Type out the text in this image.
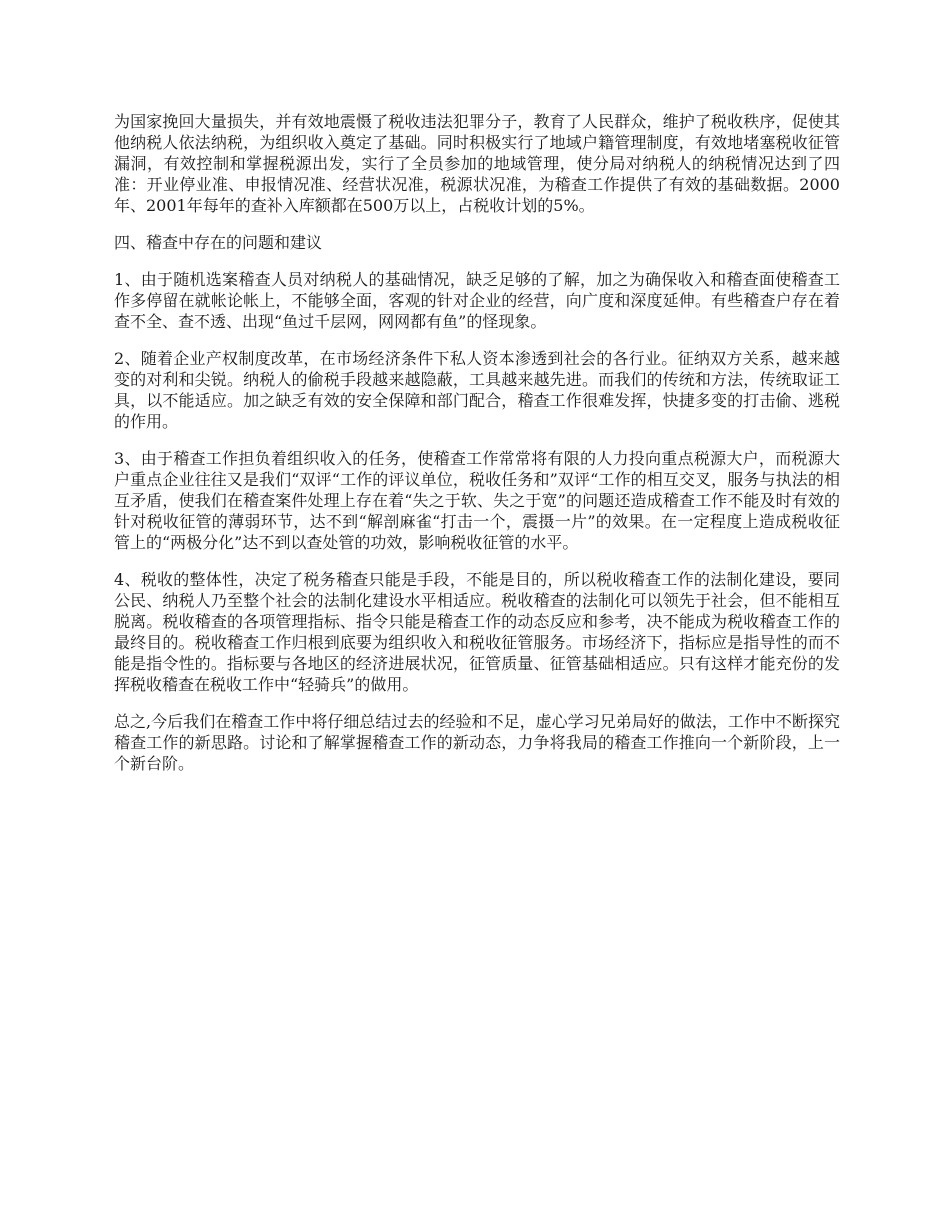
为国家挽回大量损失，并有效地震慑了税收违法犯罪分子，教育了人民群众，维护了税收秩序，促使其他纳税人依法纳税，为组织收入奠定了基础。同时积极实行了地域户籍管理制度，有效地堵塞税收征管漏洞，有效控制和掌握税源出发，实行了全员参加的地域管理，使分局对纳税人的纳税情况达到了四准：开业停业准、申报情况准、经营状况准，税源状况准，为稽查工作提供了有效的基础数据。2000年、2001年每年的查补入库额都在500万以上，占税收计划的5%。

四、稽查中存在的问题和建议

1、由于随机选案稽查人员对纳税人的基础情况，缺乏足够的了解，加之为确保收入和稽查面使稽查工作多停留在就帐论帐上，不能够全面，客观的针对企业的经营，向广度和深度延伸。有些稽查户存在着查不全、查不透、出现“鱼过千层网，网网都有鱼”的怪现象。

2、随着企业产权制度改革，在市场经济条件下私人资本渗透到社会的各行业。征纳双方关系，越来越变的对利和尖锐。纳税人的偷税手段越来越隐蔽，工具越来越先进。而我们的传统和方法，传统取证工具，以不能适应。加之缺乏有效的安全保障和部门配合，稽查工作很难发挥，快捷多变的打击偷、逃税的作用。

3、由于稽查工作担负着组织收入的任务，使稽查工作常常将有限的人力投向重点税源大户，而税源大户重点企业往往又是我们“双评“工作的评议单位，税收任务和”双评“工作的相互交叉，服务与执法的相互矛盾，使我们在稽查案件处理上存在着“失之于软、失之于宽”的问题还造成稽查工作不能及时有效的针对税收征管的薄弱环节，达不到“解剖麻雀“打击一个，震摄一片”的效果。在一定程度上造成税收征管上的“两极分化”达不到以查处管的功效，影响税收征管的水平。

4、税收的整体性，决定了税务稽查只能是手段，不能是目的，所以税收稽查工作的法制化建设，要同公民、纳税人乃至整个社会的法制化建设水平相适应。税收稽查的法制化可以领先于社会，但不能相互脱离。税收稽查的各项管理指标、指令只能是稽查工作的动态反应和参考，决不能成为税收稽查工作的最终目的。税收稽查工作归根到底要为组织收入和税收征管服务。市场经济下，指标应是指导性的而不能是指令性的。指标要与各地区的经济进展状况，征管质量、征管基础相适应。只有这样才能充份的发挥税收稽查在税收工作中“轻骑兵”的做用。

总之,今后我们在稽查工作中将仔细总结过去的经验和不足，虚心学习兄弟局好的做法，工作中不断探究稽查工作的新思路。讨论和了解掌握稽查工作的新动态，力争将我局的稽查工作推向一个新阶段，上一个新台阶。
